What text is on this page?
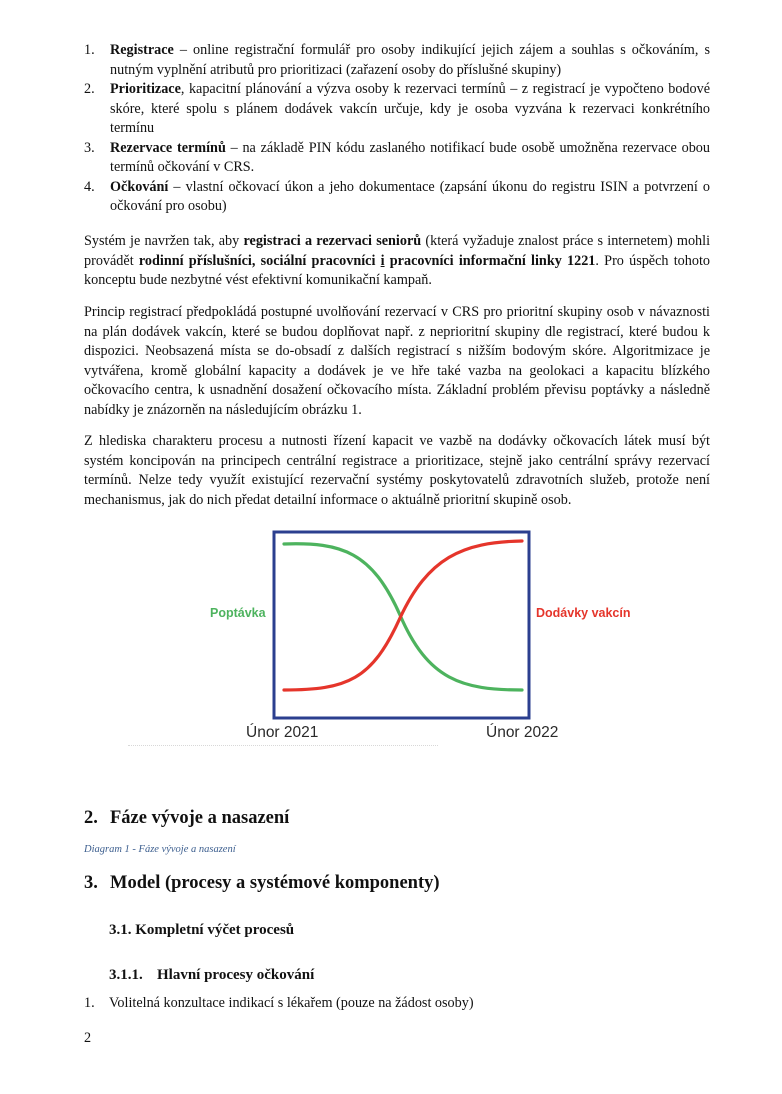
1. Registrace – online registrační formulář pro osoby indikující jejich zájem a souhlas s očkováním, s nutným vyplnění atributů pro prioritizaci (zařazení osoby do příslušné skupiny)
2. Prioritizace, kapacitní plánování a výzva osoby k rezervaci termínů – z registrací je vypočteno bodové skóre, které spolu s plánem dodávek vakcín určuje, kdy je osoba vyzvána k rezervaci konkrétního termínu
3. Rezervace termínů – na základě PIN kódu zaslaného notifikací bude osobě umožněna rezervace obou termínů očkování v CRS.
4. Očkování – vlastní očkovací úkon a jeho dokumentace (zapsání úkonu do registru ISIN a potvrzení o očkování pro osobu)

Systém je navržen tak, aby registraci a rezervaci seniorů (která vyžaduje znalost práce s internetem) mohli provádět rodinní příslušníci, sociální pracovníci i pracovníci informační linky 1221. Pro úspěch tohoto konceptu bude nezbytné vést efektivní komunikační kampaň.

Princip registrací předpokládá postupné uvolňování rezervací v CRS pro prioritní skupiny osob v návaznosti na plán dodávek vakcín, které se budou doplňovat např. z neprioritní skupiny dle registrací, které budou k dispozici. Neobsazená místa se do-obsadí z dalších registrací s nižším bodovým skóre. Algoritmizace je vytvářena, kromě globální kapacity a dodávek je ve hře také vazba na geolokaci a kapacitu blízkého očkovacího centra, k usnadnění dosažení očkovacího místa. Základní problém převisu poptávky a následně nabídky je znázorněn na následujícím obrázku 1.

Z hlediska charakteru procesu a nutnosti řízení kapacit ve vazbě na dodávky očkovacích látek musí být systém koncipován na principech centrální registrace a prioritizace, stejně jako centrální správy rezervací termínů. Nelze tedy využít existující rezervační systémy poskytovatelů zdravotních služeb, protože není mechanismus, jak do nich předat detailní informace o aktuálně prioritní skupině osob.

Poptávka	Dodávky vakcín
Únor 2021	Únor 2022
2. Fáze vývoje a nasazení
Diagram 1 - Fáze vývoje a nasazení
3. Model (procesy a systémové komponenty)
3.1. Kompletní výčet procesů
3.1.1. Hlavní procesy očkování
1. Volitelná konzultace indikací s lékařem (pouze na žádost osoby)
2
